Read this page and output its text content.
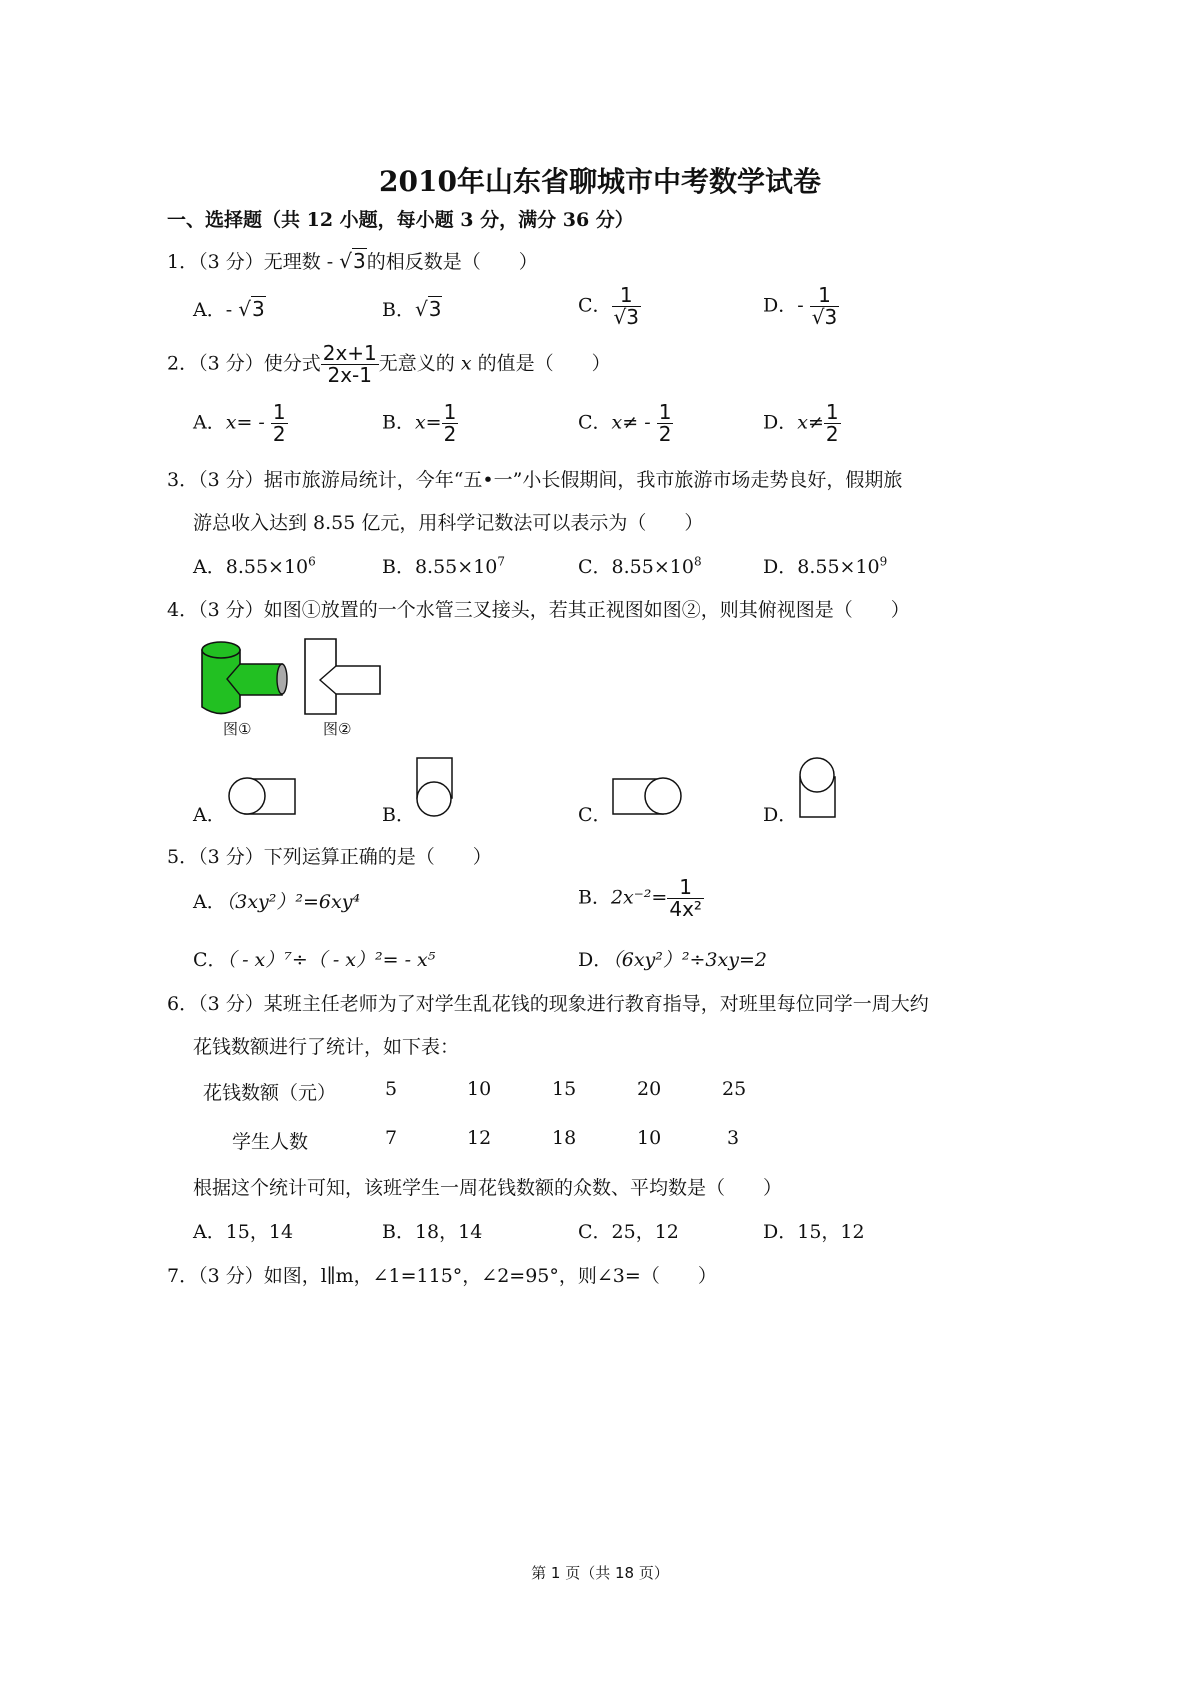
2010年山东省聊城市中考数学试卷
一、选择题（共 12 小题，每小题 3 分，满分 36 分）
1．（3 分）无理数 - √3的相反数是（　　）
A．- √3	B．√3	C． $\frac{1}{√3}$	D．- $\frac{1}{√3}$
2．（3 分）使分式 $\frac{2x+1}{2x-1}$ 无意义的 x 的值是（　　）
A．$x= - \frac{1}{2}$	B．$x= \frac{1}{2}$	C．$x\ne - \frac{1}{2}$	D．$x\ne \frac{1}{2}$
3．（3 分）据市旅游局统计，今年“五•一”小长假期间，我市旅游市场走势良好，假期旅
游总收入达到 8.55 亿元，用科学记数法可以表示为（　　）
A．$8.55\times 10^6$	B．$8.55\times 10^7$	C．$8.55\times 10^8$	D．$8.55\times 10^9$
4．（3 分）如图①放置的一个水管三叉接头，若其正视图如图②，则其俯视图是（　　）
图①	图②
A．	B．	C．	D．
5．（3 分）下列运算正确的是（　　）
A．（3xy²）²=6xy⁴	B．$2x^{-2}= \frac{1}{\text{4x²}}$
C．（ - x）⁷÷（ - x）²= - x⁵	D．（6xy²）²÷3xy=2
6．（3 分）某班主任老师为了对学生乱花钱的现象进行教育指导，对班里每位同学一周大约
花钱数额进行了统计，如下表：
花钱数额（元）	5	10	15	20	25
学生人数	7	12	18	10	3
根据这个统计可知，该班学生一周花钱数额的众数、平均数是（　　）
A．15，14	B．18，14	C．25，12	D．15，12
7．（3 分）如图，l∥m，∠1=115°，∠2=95°，则∠3=（　　）
第 1 页（共 18 页）
